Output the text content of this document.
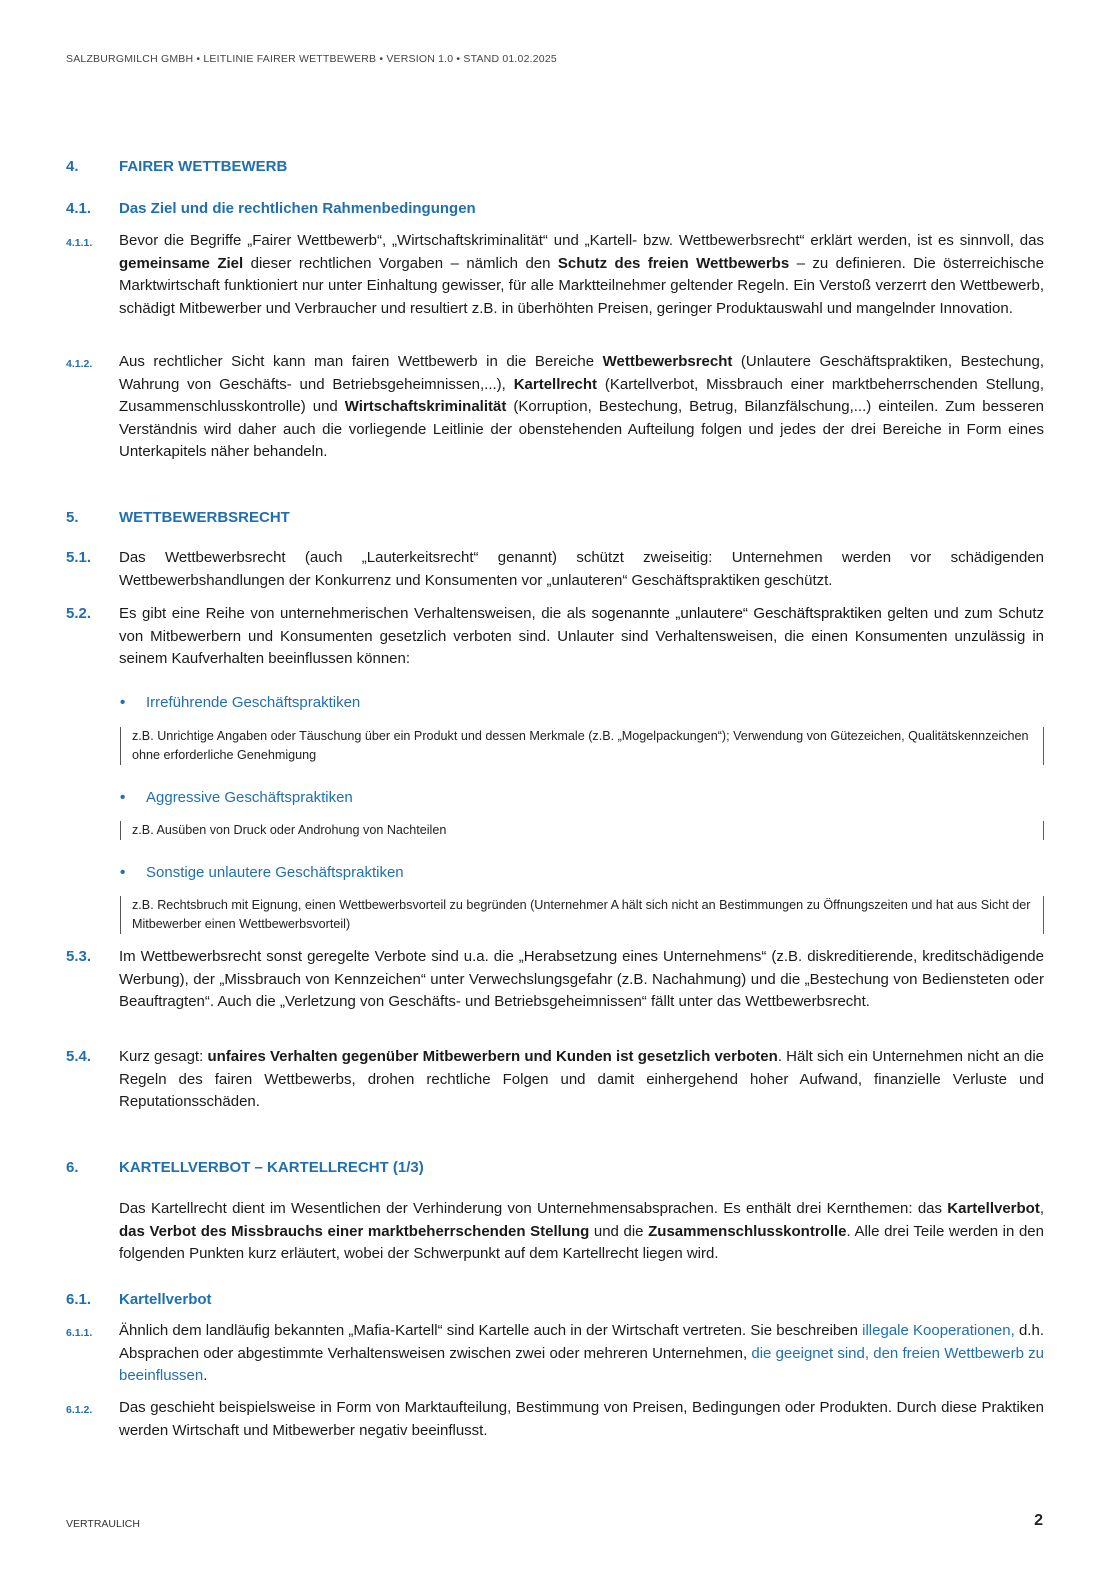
SALZBURGMILCH GMBH • LEITLINIE FAIRER WETTBEWERB • VERSION 1.0 • STAND 01.02.2025
4.	FAIRER WETTBEWERB
4.1. Das Ziel und die rechtlichen Rahmenbedingungen
4.1.1. Bevor die Begriffe „Fairer Wettbewerb“, „Wirtschaftskriminalität“ und „Kartell- bzw. Wettbewerbsrecht“ erklärt werden, ist es sinnvoll, das gemeinsame Ziel dieser rechtlichen Vorgaben – nämlich den Schutz des freien Wettbewerbs – zu definieren. Die österreichische Marktwirtschaft funktioniert nur unter Einhaltung gewisser, für alle Marktteilnehmer geltender Regeln. Ein Verstoß verzerrt den Wettbewerb, schädigt Mitbewerber und Verbraucher und resultiert z.B. in überhöhten Preisen, geringer Produktauswahl und mangelnder Innovation.
4.1.2. Aus rechtlicher Sicht kann man fairen Wettbewerb in die Bereiche Wettbewerbsrecht (Unlautere Geschäftspraktiken, Bestechung, Wahrung von Geschäfts- und Betriebsgeheimnissen,...), Kartellrecht (Kartellverbot, Missbrauch einer marktbeherrschenden Stellung, Zusammenschlusskontrolle) und Wirtschaftskriminalität (Korruption, Bestechung, Betrug, Bilanzfälschung,...) einteilen. Zum besseren Verständnis wird daher auch die vorliegende Leitlinie der obenstehenden Aufteilung folgen und jedes der drei Bereiche in Form eines Unterkapitels näher behandeln.
5.	WETTBEWERBSRECHT
5.1. Das Wettbewerbsrecht (auch „Lauterkeitsrecht“ genannt) schützt zweiseitig: Unternehmen werden vor schädigenden Wettbewerbshandlungen der Konkurrenz und Konsumenten vor „unlauteren“ Geschäftspraktiken geschützt.
5.2. Es gibt eine Reihe von unternehmerischen Verhaltensweisen, die als sogenannte „unlautere“ Geschäftspraktiken gelten und zum Schutz von Mitbewerbern und Konsumenten gesetzlich verboten sind. Unlauter sind Verhaltensweisen, die einen Konsumenten unzulässig in seinem Kaufverhalten beeinflussen können:
• Irreführende Geschäftspraktiken
z.B. Unrichtige Angaben oder Täuschung über ein Produkt und dessen Merkmale (z.B. „Mogelpackungen“); Verwendung von Gütezeichen, Qualitätskennzeichen ohne erforderliche Genehmigung
• Aggressive Geschäftspraktiken
z.B. Ausüben von Druck oder Androhung von Nachteilen
• Sonstige unlautere Geschäftspraktiken
z.B. Rechtsbruch mit Eignung, einen Wettbewerbsvorteil zu begründen (Unternehmer A hält sich nicht an Bestimmungen zu Öffnungszeiten und hat aus Sicht der Mitbewerber einen Wettbewerbsvorteil)
5.3. Im Wettbewerbsrecht sonst geregelte Verbote sind u.a. die „Herabsetzung eines Unternehmens“ (z.B. diskreditierende, kreditschädigende Werbung), der „Missbrauch von Kennzeichen“ unter Verwechslungsgefahr (z.B. Nachahmung) und die „Bestechung von Bediensteten oder Beauftragten“. Auch die „Verletzung von Geschäfts- und Betriebsgeheimnissen“ fällt unter das Wettbewerbsrecht.
5.4. Kurz gesagt: unfaires Verhalten gegenüber Mitbewerbern und Kunden ist gesetzlich verboten. Hält sich ein Unternehmen nicht an die Regeln des fairen Wettbewerbs, drohen rechtliche Folgen und damit einhergehend hoher Aufwand, finanzielle Verluste und Reputationsschäden.
6.	KARTELLVERBOT – KARTELLRECHT (1/3)
Das Kartellrecht dient im Wesentlichen der Verhinderung von Unternehmensabsprachen. Es enthält drei Kernthemen: das Kartellverbot, das Verbot des Missbrauchs einer marktbeherrschenden Stellung und die Zusammenschlusskontrolle. Alle drei Teile werden in den folgenden Punkten kurz erläutert, wobei der Schwerpunkt auf dem Kartellrecht liegen wird.
6.1. Kartellverbot
6.1.1. Ähnlich dem landläufig bekannten „Mafia-Kartell“ sind Kartelle auch in der Wirtschaft vertreten. Sie beschreiben illegale Kooperationen, d.h. Absprachen oder abgestimmte Verhaltensweisen zwischen zwei oder mehreren Unternehmen, die geeignet sind, den freien Wettbewerb zu beeinflussen.
6.1.2. Das geschieht beispielsweise in Form von Marktaufteilung, Bestimmung von Preisen, Bedingungen oder Produkten. Durch diese Praktiken werden Wirtschaft und Mitbewerber negativ beeinflusst.
VERTRAULICH	2
